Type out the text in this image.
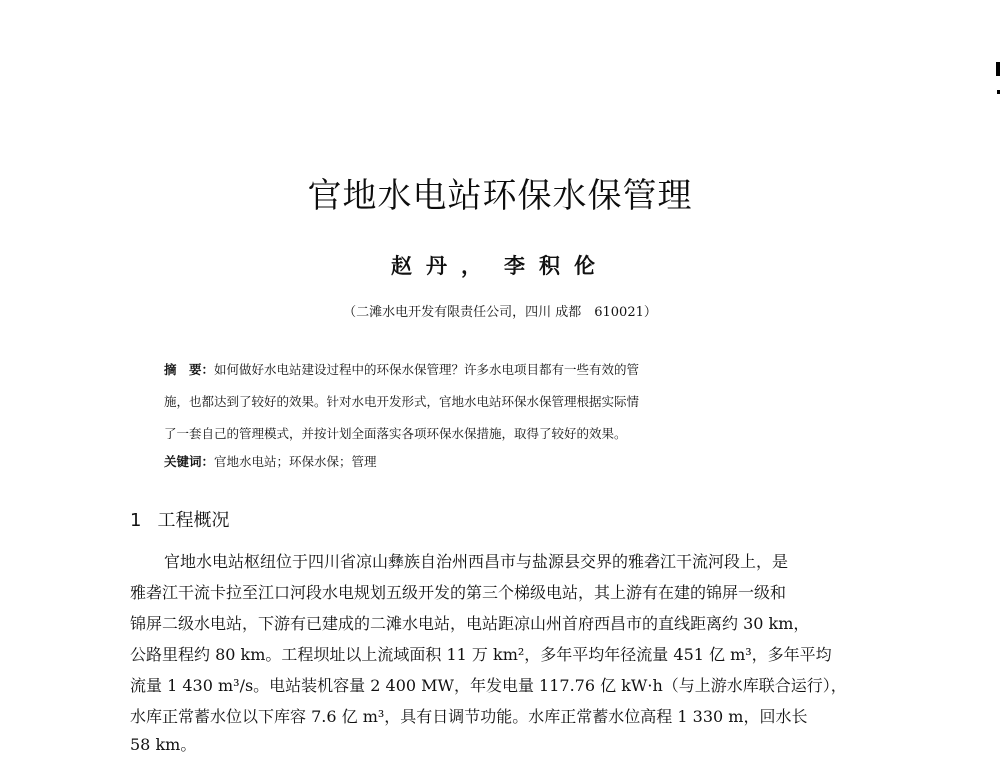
官地水电站环保水保管理
赵丹， 李积伦
（二滩水电开发有限责任公司，四川 成都　610021）
摘　要：如何做好水电站建设过程中的环保水保管理？许多水电项目都有一些有效的管
施，也都达到了较好的效果。针对水电开发形式，官地水电站环保水保管理根据实际情
了一套自己的管理模式，并按计划全面落实各项环保水保措施，取得了较好的效果。
关键词：官地水电站；环保水保；管理
1 工程概况
官地水电站枢纽位于四川省凉山彝族自治州西昌市与盐源县交界的雅砻江干流河段上，是
雅砻江干流卡拉至江口河段水电规划五级开发的第三个梯级电站，其上游有在建的锦屏一级和
锦屏二级水电站，下游有已建成的二滩水电站，电站距凉山州首府西昌市的直线距离约 30 km，
公路里程约 80 km。工程坝址以上流域面积 11 万 km²，多年平均年径流量 451 亿 m³，多年平均
流量 1 430 m³/s。电站装机容量 2 400 MW，年发电量 117.76 亿 kW·h（与上游水库联合运行），
水库正常蓄水位以下库容 7.6 亿 m³，具有日调节功能。水库正常蓄水位高程 1 330 m，回水长
58 km。
